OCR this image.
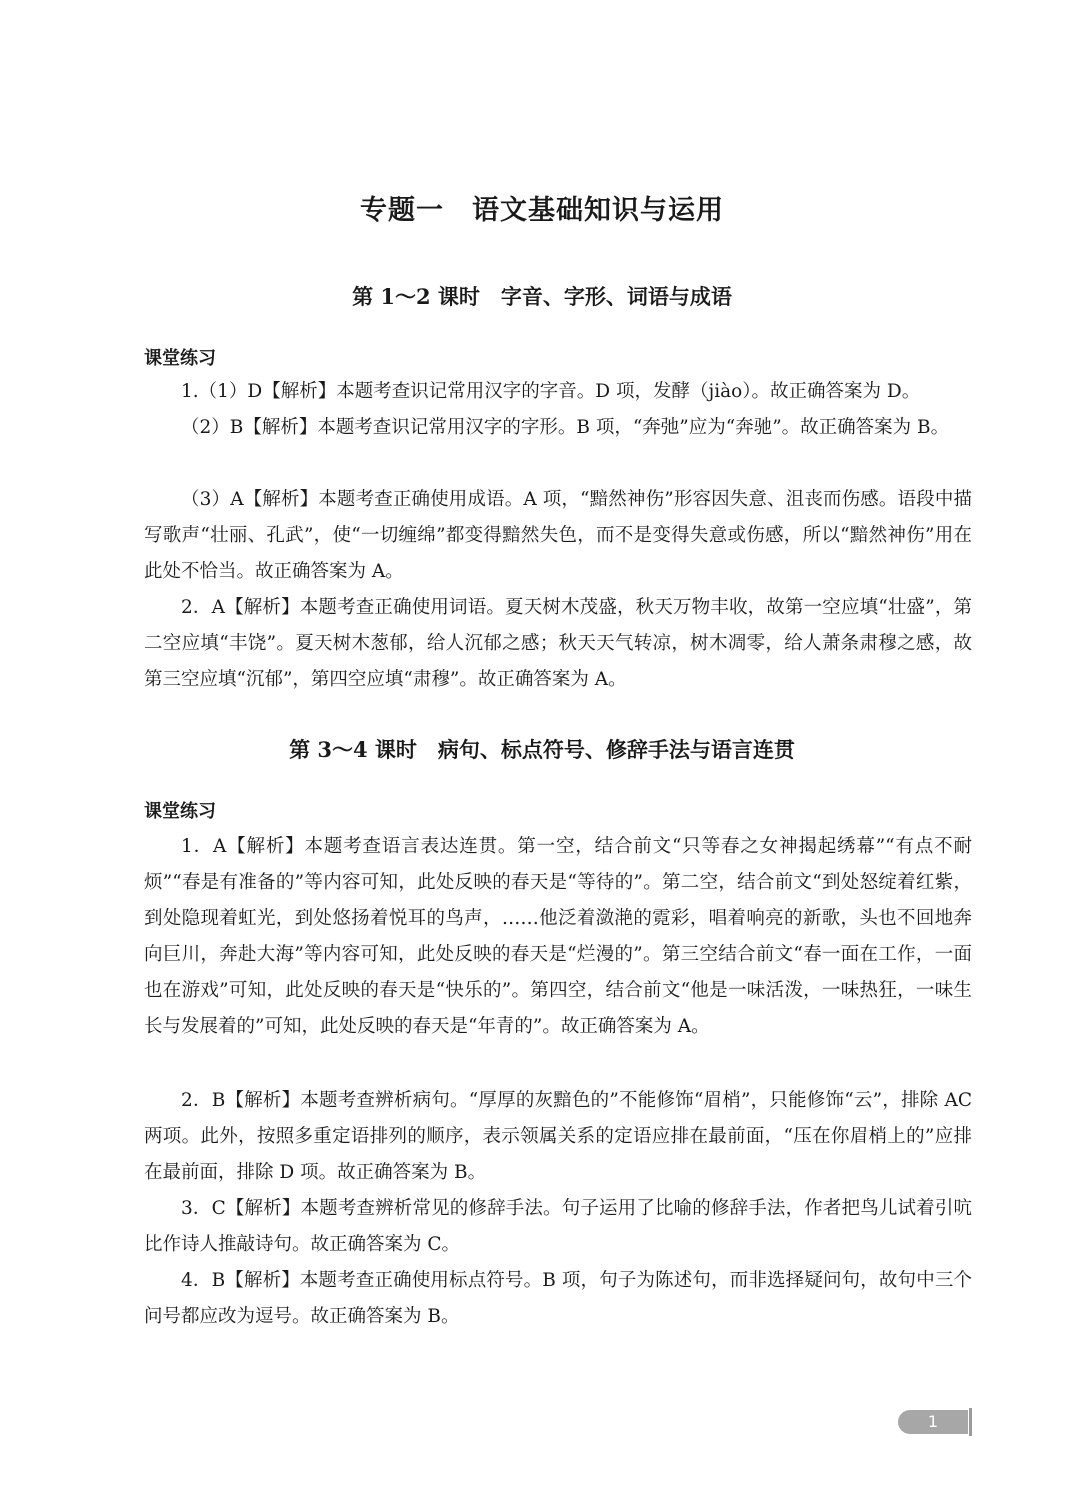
专题一　语文基础知识与运用
第 1～2 课时　字音、字形、词语与成语
课堂练习

1.（1）D【解析】本题考查识记常用汉字的字音。D 项，发酵（jiào）。故正确答案为 D。

（2）B【解析】本题考查识记常用汉字的字形。B 项，“奔弛”应为“奔驰”。故正确答案为 B。

（3）A【解析】本题考查正确使用成语。A 项，“黯然神伤”形容因失意、沮丧而伤感。语段中描写歌声“壮丽、孔武”，使“一切缠绵”都变得黯然失色，而不是变得失意或伤感，所以“黯然神伤”用在此处不恰当。故正确答案为 A。

2．A【解析】本题考查正确使用词语。夏天树木茂盛，秋天万物丰收，故第一空应填“壮盛”，第二空应填“丰饶”。夏天树木葱郁，给人沉郁之感；秋天天气转凉，树木凋零，给人萧条肃穆之感，故第三空应填“沉郁”，第四空应填“肃穆”。故正确答案为 A。

第 3～4 课时　病句、标点符号、修辞手法与语言连贯
课堂练习

1．A【解析】本题考查语言表达连贯。第一空，结合前文“只等春之女神揭起绣幕”“有点不耐烦”“春是有准备的”等内容可知，此处反映的春天是“等待的”。第二空，结合前文“到处怒绽着红紫，到处隐现着虹光，到处悠扬着悦耳的鸟声，……他泛着潋滟的霓彩，唱着响亮的新歌，头也不回地奔向巨川，奔赴大海”等内容可知，此处反映的春天是“烂漫的”。第三空结合前文“春一面在工作，一面也在游戏”可知，此处反映的春天是“快乐的”。第四空，结合前文“他是一味活泼，一味热狂，一味生长与发展着的”可知，此处反映的春天是“年青的”。故正确答案为 A。

2．B【解析】本题考查辨析病句。“厚厚的灰黯色的”不能修饰“眉梢”，只能修饰“云”，排除 AC 两项。此外，按照多重定语排列的顺序，表示领属关系的定语应排在最前面，“压在你眉梢上的”应排在最前面，排除 D 项。故正确答案为 B。

3．C【解析】本题考查辨析常见的修辞手法。句子运用了比喻的修辞手法，作者把鸟儿试着引吭比作诗人推敲诗句。故正确答案为 C。

4．B【解析】本题考查正确使用标点符号。B 项，句子为陈述句，而非选择疑问句，故句中三个问号都应改为逗号。故正确答案为 B。

1
